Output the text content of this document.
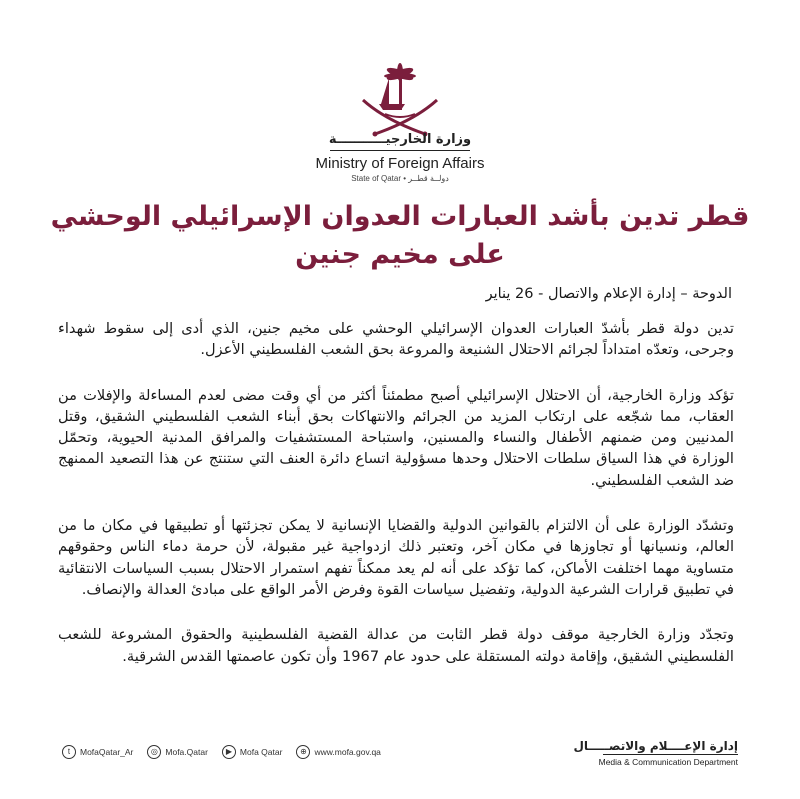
وزارة الخارجيـــــــــــة
Ministry of Foreign Affairs
State of Qatar • دولــة قطــر
قطر تدين بأشد العبارات العدوان الإسرائيلي الوحشي
على مخيم جنين
الدوحة – إدارة الإعلام والاتصال - 26 يناير

تدين دولة قطر بأشدّ العبارات العدوان الإسرائيلي الوحشي على مخيم جنين، الذي أدى إلى سقوط شهداء وجرحى، وتعدّه امتداداً لجرائم الاحتلال الشنيعة والمروعة بحق الشعب الفلسطيني الأعزل.

تؤكد وزارة الخارجية، أن الاحتلال الإسرائيلي أصبح مطمئناً أكثر من أي وقت مضى لعدم المساءلة والإفلات من العقاب، مما شجّعه على ارتكاب المزيد من الجرائم والانتهاكات بحق أبناء الشعب الفلسطيني الشقيق، وقتل المدنيين ومن ضمنهم الأطفال والنساء والمسنين، واستباحة المستشفيات والمرافق المدنية الحيوية، وتحمّل الوزارة في هذا السياق سلطات الاحتلال وحدها مسؤولية اتساع دائرة العنف التي ستنتج عن هذا التصعيد الممنهج ضد الشعب الفلسطيني.

وتشدّد الوزارة على أن الالتزام بالقوانين الدولية والقضايا الإنسانية لا يمكن تجزئتها أو تطبيقها في مكان ما من العالم، ونسيانها أو تجاوزها في مكان آخر، وتعتبر ذلك ازدواجية غير مقبولة، لأن حرمة دماء الناس وحقوقهم متساوية مهما اختلفت الأماكن، كما تؤكد على أنه لم يعد ممكناً تفهم استمرار الاحتلال بسبب السياسات الانتقائية في تطبيق قرارات الشرعية الدولية، وتفضيل سياسات القوة وفرض الأمر الواقع على مبادئ العدالة والإنصاف.

وتجدّد وزارة الخارجية موقف دولة قطر الثابت من عدالة القضية الفلسطينية والحقوق المشروعة للشعب الفلسطيني الشقيق، وإقامة دولته المستقلة على حدود عام 1967 وأن تكون عاصمتها القدس الشرقية.

t	MofaQatar_Ar	◎ Mofa.Qatar	▶ Mofa Qatar	⊕ www.mofa.gov.qa	إدارة الإعــــلام والاتصـــــال
Media & Communication Department
